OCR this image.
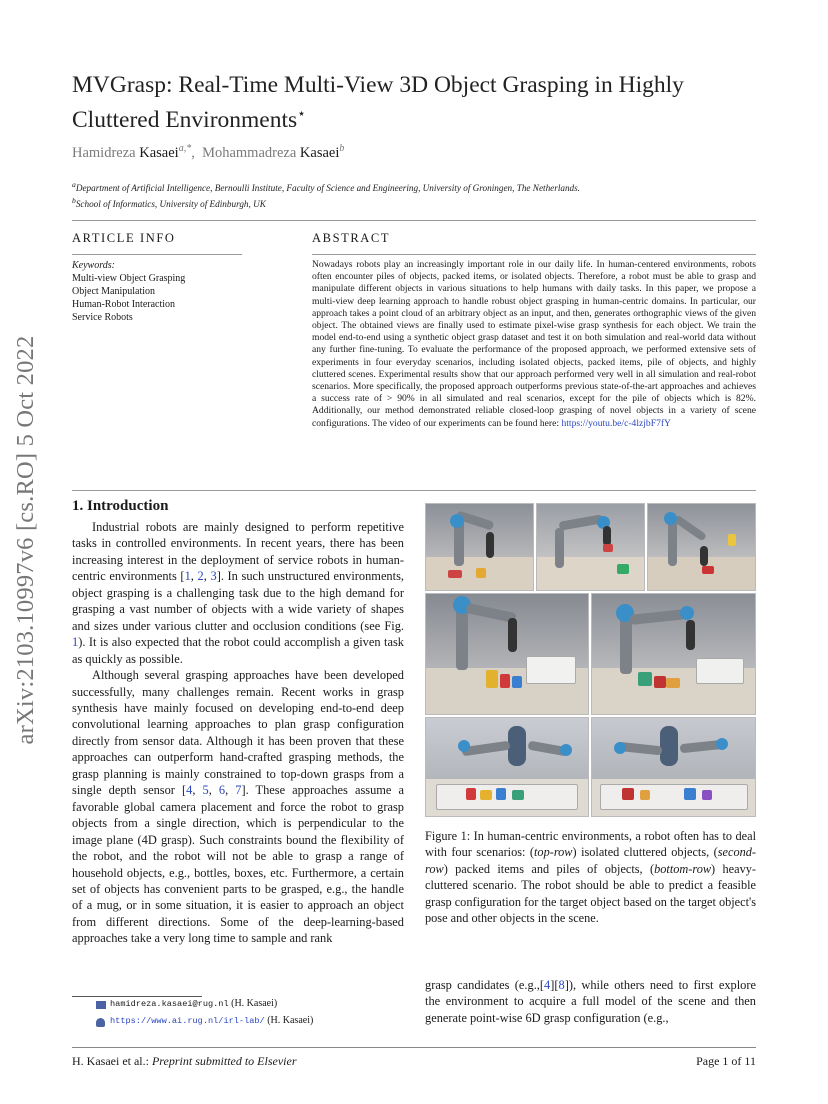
arXiv:2103.10997v6 [cs.RO] 5 Oct 2022
MVGrasp: Real-Time Multi-View 3D Object Grasping in Highly Cluttered Environments⋆
Hamidreza Kasaei$^{a,*}$,  Mohammadreza Kasaei$^b$
$^a$Department of Artificial Intelligence, Bernoulli Institute, Faculty of Science and Engineering, University of Groningen, The Netherlands.
$^b$School of Informatics, University of Edinburgh, UK
ARTICLE INFO
Keywords:
Multi-view Object Grasping
Object Manipulation
Human-Robot Interaction
Service Robots
ABSTRACT
Nowadays robots play an increasingly important role in our daily life. In human-centered environments, robots often encounter piles of objects, packed items, or isolated objects. Therefore, a robot must be able to grasp and manipulate different objects in various situations to help humans with daily tasks. In this paper, we propose a multi-view deep learning approach to handle robust object grasping in human-centric domains. In particular, our approach takes a point cloud of an arbitrary object as an input, and then, generates orthographic views of the given object. The obtained views are finally used to estimate pixel-wise grasp synthesis for each object. We train the model end-to-end using a synthetic object grasp dataset and test it on both simulation and real-world data without any further fine-tuning. To evaluate the performance of the proposed approach, we performed extensive sets of experiments in four everyday scenarios, including isolated objects, packed items, pile of objects, and highly cluttered scenes. Experimental results show that our approach performed very well in all simulation and real-robot scenarios. More specifically, the proposed approach outperforms previous state-of-the-art approaches and achieves a success rate of > 90% in all simulated and real scenarios, except for the pile of objects which is 82%. Additionally, our method demonstrated reliable closed-loop grasping of novel objects in a variety of scene configurations. The video of our experiments can be found here: https://youtu.be/c-4lzjbF7fY
1. Introduction

Industrial robots are mainly designed to perform repetitive tasks in controlled environments. In recent years, there has been increasing interest in the deployment of service robots in human-centric environments [1, 2, 3]. In such unstructured environments, object grasping is a challenging task due to the high demand for grasping a vast number of objects with a wide variety of shapes and sizes under various clutter and occlusion conditions (see Fig. 1). It is also expected that the robot could accomplish a given task as quickly as possible.

Although several grasping approaches have been developed successfully, many challenges remain. Recent works in grasp synthesis have mainly focused on developing end-to-end deep convolutional learning approaches to plan grasp configuration directly from sensor data. Although it has been proven that these approaches can outperform hand-crafted grasping methods, the grasp planning is mainly constrained to top-down grasps from a single depth sensor [4, 5, 6, 7]. These approaches assume a favorable global camera placement and force the robot to grasp objects from a single direction, which is perpendicular to the image plane (4D grasp). Such constraints bound the flexibility of the robot, and the robot will not be able to grasp a range of household objects, e.g., bottles, boxes, etc. Furthermore, a certain set of objects has convenient parts to be grasped, e.g., the handle of a mug, or in some situation, it is easier to approach an object from different directions. Some of the deep-learning-based approaches take a very long time to sample and rank

hamidreza.kasaei@rug.nl (H. Kasaei)
https://www.ai.rug.nl/irl-lab/ (H. Kasaei)
Figure 1: In human-centric environments, a robot often has to deal with four scenarios: (top-row) isolated cluttered objects, (second-row) packed items and piles of objects, (bottom-row) heavy-cluttered scenario. The robot should be able to predict a feasible grasp configuration for the target object based on the target object's pose and other objects in the scene.
grasp candidates (e.g.,[4][8]), while others need to first explore the environment to acquire a full model of the scene and then generate point-wise 6D grasp configuration (e.g.,
H. Kasaei et al.: Preprint submitted to Elsevier	Page 1 of 11
